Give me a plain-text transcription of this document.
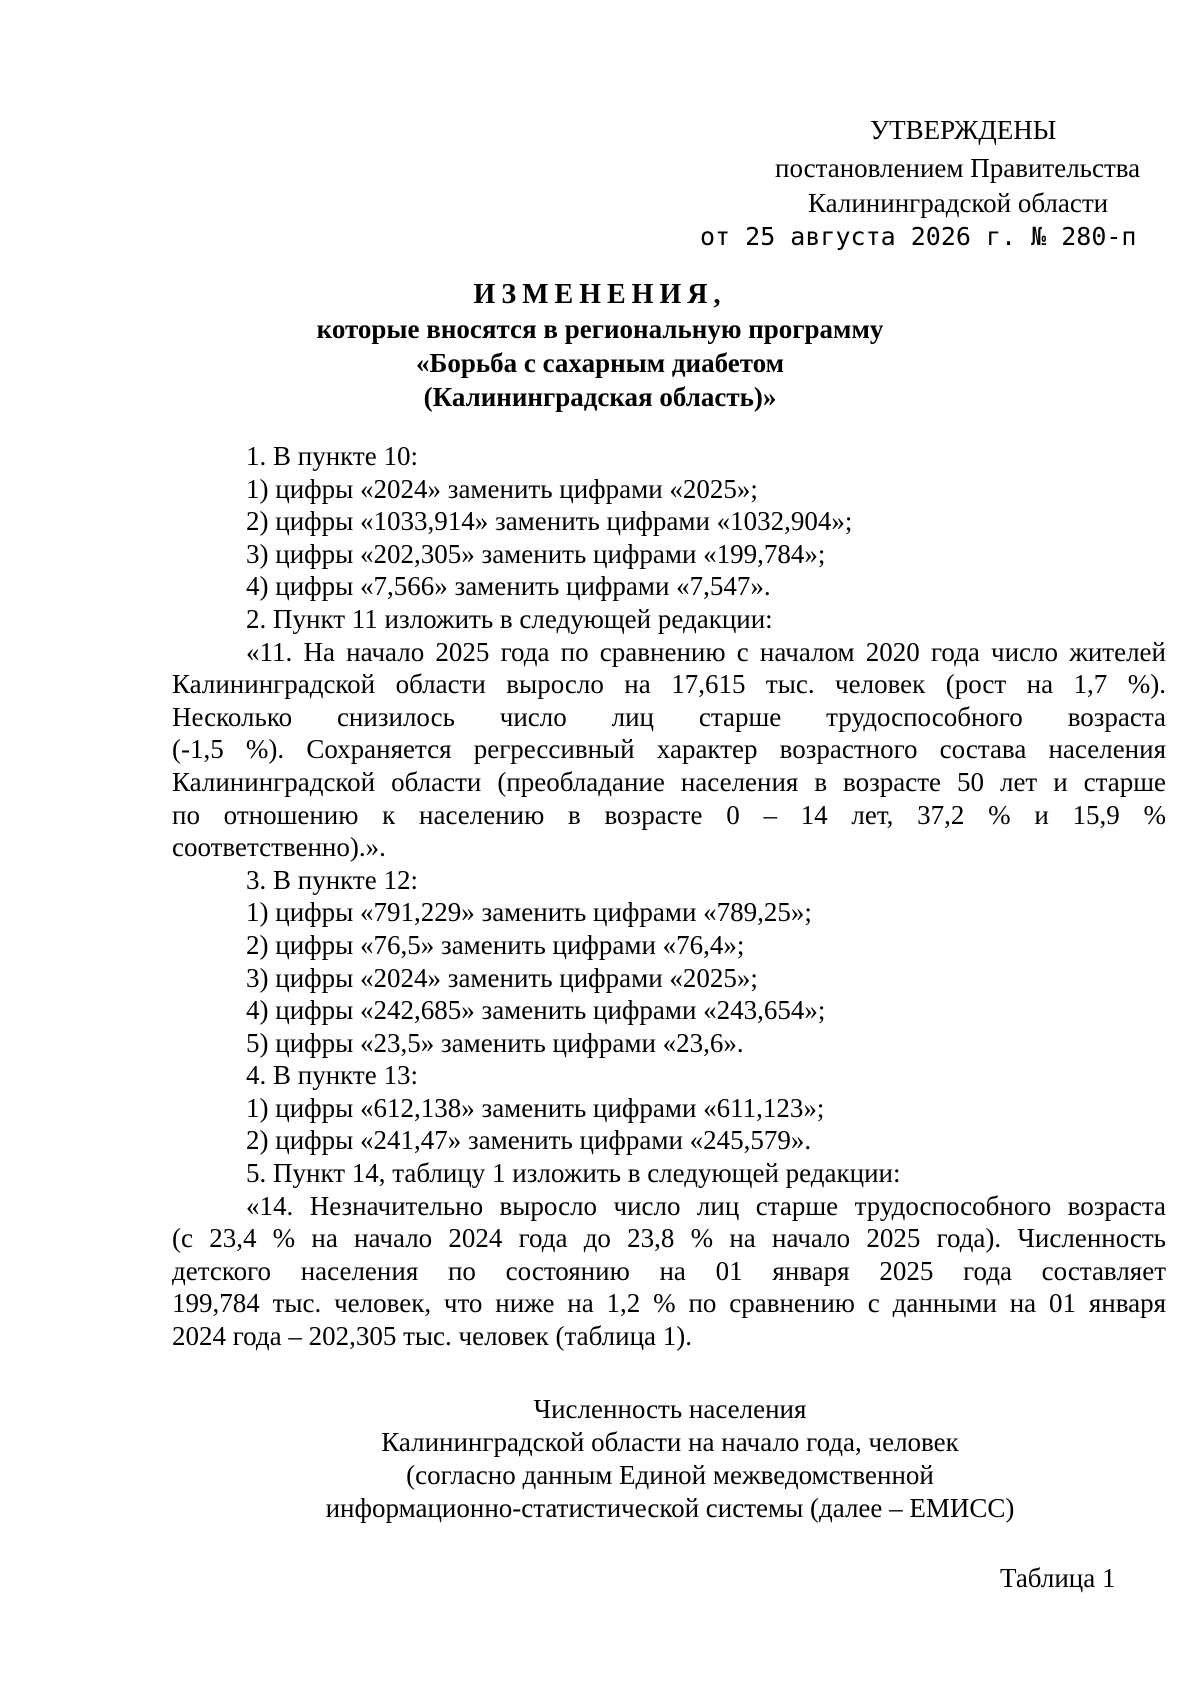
УТВЕРЖДЕНЫ
постановлением Правительства
Калининградской области
от 25 августа 2026 г. № 280-п
ИЗМЕНЕНИЯ,
которые вносятся в региональную программу
«Борьба с сахарным диабетом
(Калининградская область)»

1. В пункте 10:

1) цифры «2024» заменить цифрами «2025»;

2) цифры «1033,914» заменить цифрами «1032,904»;

3) цифры «202,305» заменить цифрами «199,784»;

4) цифры «7,566» заменить цифрами «7,547».

2. Пункт 11 изложить в следующей редакции:

«11. На начало 2025 года по сравнению с началом 2020 года число жителей

Калининградской области выросло на 17,615 тыс. человек (рост на 1,7 %).

Несколько снизилось число лиц старше трудоспособного возраста

(-1,5 %). Сохраняется регрессивный характер возрастного состава населения

Калининградской области (преобладание населения в возрасте 50 лет и старше

по отношению к населению в возрасте 0 – 14 лет, 37,2 % и 15,9 %

соответственно).».

3. В пункте 12:

1) цифры «791,229» заменить цифрами «789,25»;

2) цифры «76,5» заменить цифрами «76,4»;

3) цифры «2024» заменить цифрами «2025»;

4) цифры «242,685» заменить цифрами «243,654»;

5) цифры «23,5» заменить цифрами «23,6».

4. В пункте 13:

1) цифры «612,138» заменить цифрами «611,123»;

2) цифры «241,47» заменить цифрами «245,579».

5. Пункт 14, таблицу 1 изложить в следующей редакции:

«14. Незначительно выросло число лиц старше трудоспособного возраста

(с 23,4 % на начало 2024 года до 23,8 % на начало 2025 года). Численность

детского населения по состоянию на 01 января 2025 года составляет

199,784 тыс. человек, что ниже на 1,2 % по сравнению с данными на 01 января

2024 года – 202,305 тыс. человек (таблица 1).

Численность населения
Калининградской области на начало года, человек
(согласно данным Единой межведомственной
информационно-статистической системы (далее – ЕМИСС)
Таблица 1
